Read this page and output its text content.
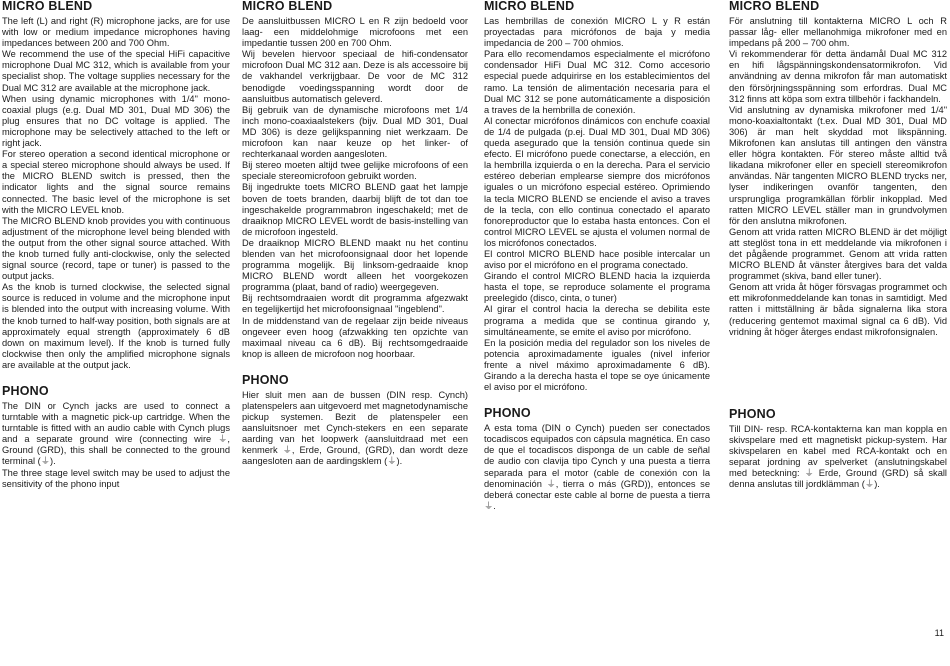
MICRO BLEND

The left (L) and right (R) microphone jacks, are for use with low or medium impedance microphones having impedances between 200 and 700 Ohm.

We recommend the use of the special HiFi capacitive microphone Dual MC 312, which is available from your specialist shop. The voltage supplies necessary for the Dual MC 312 are available at the microphone jack.

When using dynamic microphones with 1/4" mono-coaxial plugs (e.g. Dual MD 301, Dual MD 306) the plug ensures that no DC voltage is applied. The microphone may be selectively attached to the left or right jack.

For stereo operation a second identical microphone or a special stereo microphone should always be used. If the MICRO BLEND switch is pressed, then the indicator lights and the signal source remains connected. The basic level of the microphone is set with the MICRO LEVEL knob.

The MICRO BLEND knob provides you with continuous adjustment of the microphone level being blended with the output from the other signal source attached. With the knob turned fully anti-clockwise, only the selected signal source (record, tape or tuner) is passed to the output jacks.

As the knob is turned clockwise, the selected signal source is reduced in volume and the microphone input is blended into the output with increasing volume. With the knob turned to half-way position, both signals are at approximately equal strength (approximately 6 dB down on maximum level). If the knob is turned fully clockwise then only the amplified microphone signals are available at the output jack.

PHONO

The DIN or Cynch jacks are used to connect a turntable with a magnetic pick-up cartridge. When the turntable is fitted with an audio cable with Cynch plugs and a separate ground wire (connecting wire ⏚, Ground (GRD), this shall be connected to the ground terminal (⏚).

The three stage level switch may be used to adjust the sensitivity of the phono input

MICRO BLEND

De aansluitbussen MICRO L en R zijn bedoeld voor laag- een middelohmige microfoons met een impedantie tussen 200 en 700 Ohm.

Wij bevelen hiervoor speciaal de hifi-condensator microfoon Dual MC 312 aan. Deze is als accessoire bij de vakhandel verkrijgbaar. De voor de MC 312 benodigde voedingsspanning wordt door de aansluitbus automatisch geleverd.

Bij gebruik van de dynamische microfoons met 1/4 inch mono-coaxiaalstekers (bijv. Dual MD 301, Dual MD 306) is deze gelijkspanning niet werkzaam. De microfoon kan naar keuze op het linker- of rechterkanaal worden aangesloten.

Bij stereo moeten altijd twee gelijke microfoons of een speciale stereomicrofoon gebruikt worden.

Bij ingedrukte toets MICRO BLEND gaat het lampje boven de toets branden, daarbij blijft de tot dan toe ingeschakelde programmabron ingeschakeld; met de draaiknop MICRO LEVEL wordt de basis-instelling van de microfoon ingesteld.

De draaiknop MICRO BLEND maakt nu het continu blenden van het microfoonsignaal door het lopende programma mogelijk. Bij linksom-gedraaide knop MICRO BLEND wordt alleen het voorgekozen programma (plaat, band of radio) weergegeven.

Bij rechtsomdraaien wordt dit programma afgezwakt en tegelijkertijd het microfoonsignaal "ingeblend".

In de middenstand van de regelaar zijn beide niveaus ongeveer even hoog (afzwakking ten opzichte van maximaal niveau ca 6 dB). Bij rechtsomgedraaide knop is alleen de microfoon nog hoorbaar.

PHONO

Hier sluit men aan de bussen (DIN resp. Cynch) platenspelers aan uitgevoerd met magnetodynamische pickup systemen. Bezit de platenspeler een aansluitsnoer met Cynch-stekers en een separate aarding van het loopwerk (aansluitdraad met een kenmerk ⏚, Erde, Ground, (GRD), dan wordt deze aangesloten aan de aardingsklem (⏚).

MICRO BLEND

Las hembrillas de conexión MICRO L y R están proyectadas para micrófonos de baja y media impedancia de 200 – 700 ohmios.

Para ello recomendamos especialmente el micrófono condensador HiFi Dual MC 312. Como accesorio especial puede adquirirse en los establecimientos del ramo. La tensión de alimentación necesaria para el Dual MC 312 se pone automáticamente a disposición a traves de la hembrilla de conexión.

Al conectar micrófonos dinámicos con enchufe coaxial de 1/4 de pulgada (p.ej. Dual MD 301, Dual MD 306) queda asegurado que la tensión continua quede sin efecto. El micrófono puede conectarse, a elección, en la hembrilla izquierda o en la derecha. Para el servicio estéreo deberian emplearse siempre dos micrófonos iguales o un micrófono especial estéreo. Oprimiendo la tecla MICRO BLEND se enciende el aviso a traves de la tecla, con ello continua conectado el aparato fonoreproductor que lo estaba hasta entonces. Con el control MICRO LEVEL se ajusta el volumen normal de los micrófonos conectados.

El control MICRO BLEND hace posible intercalar un aviso por el micrófono en el programa conectado.

Girando el control MICRO BLEND hacia la izquierda hasta el tope, se reproduce solamente el programa preelegido (disco, cinta, o tuner)

Al girar el control hacia la derecha se debilita este programa a medida que se continua girando y, simultáneamente, se emite el aviso por micrófono.

En la posición media del regulador son los niveles de potencia aproximadamente iguales (nivel inferior frente a nivel máximo aproximadamente 6 dB). Girando a la derecha hasta el tope se oye únicamente el aviso por el micrófono.

PHONO

A esta toma (DIN o Cynch) pueden ser conectados tocadiscos equipados con cápsula magnética. En caso de que el tocadiscos disponga de un cable de señal de audio con clavija tipo Cynch y una puesta a tierra separada para el motor (cable de conexión con la denominación ⏚, tierra o más (GRD)), entonces se deberá conectar este cable al borne de puesta a tierra ⏚.

MICRO BLEND

För anslutning till kontakterna MICRO L och R passar låg- eller mellanohmiga mikrofoner med en impedans på 200 – 700 ohm.

Vi rekommenderar för detta ändamål Dual MC 312 en hifi lågspänningskondensatormikrofon. Vid användning av denna mikrofon får man automatiskt den försörjningsspänning som erfordras. Dual MC 312 finns att köpa som extra tillbehör i fackhandeln.

Vid anslutning av dynamiska mikrofoner med 1/4" mono-koaxialtontakt (t.ex. Dual MD 301, Dual MD 306) är man helt skyddad mot likspänning. Mikrofonen kan anslutas till antingen den vänstra eller högra kontakten. För stereo måste alltid två likadana mikrofoner eller en speciell stereomikrofon användas. När tangenten MICRO BLEND trycks ner, lyser indikeringen ovanför tangenten, den ursprungliga programkällan förblir inkopplad. Med ratten MICRO LEVEL ställer man in grundvolymen för den anslutna mikrofonen.

Genom att vrida ratten MICRO BLEND är det möjligt att steglöst tona in ett meddelande via mikrofonen i det pågående programmet. Genom att vrida ratten MICRO BLEND åt vänster återgives bara det valda programmet (skiva, band eller tuner).

Genom att vrida åt höger försvagas programmet och ett mikrofonmeddelande kan tonas in samtidigt. Med ratten i mittställning är båda signalerna lika stora (reducering gentemot maximal signal ca 6 dB). Vid vridning åt höger återges endast mikrofonsignalen.

PHONO

Till DIN- resp. RCA-kontakterna kan man koppla en skivspelare med ett magnetiskt pickup-system. Har skivspelaren en kabel med RCA-kontakt och en separat jordning av spelverket (anslutningskabel med beteckning: ⏚ Erde, Ground (GRD) så skall denna anslutas till jordklämman (⏚).

11
